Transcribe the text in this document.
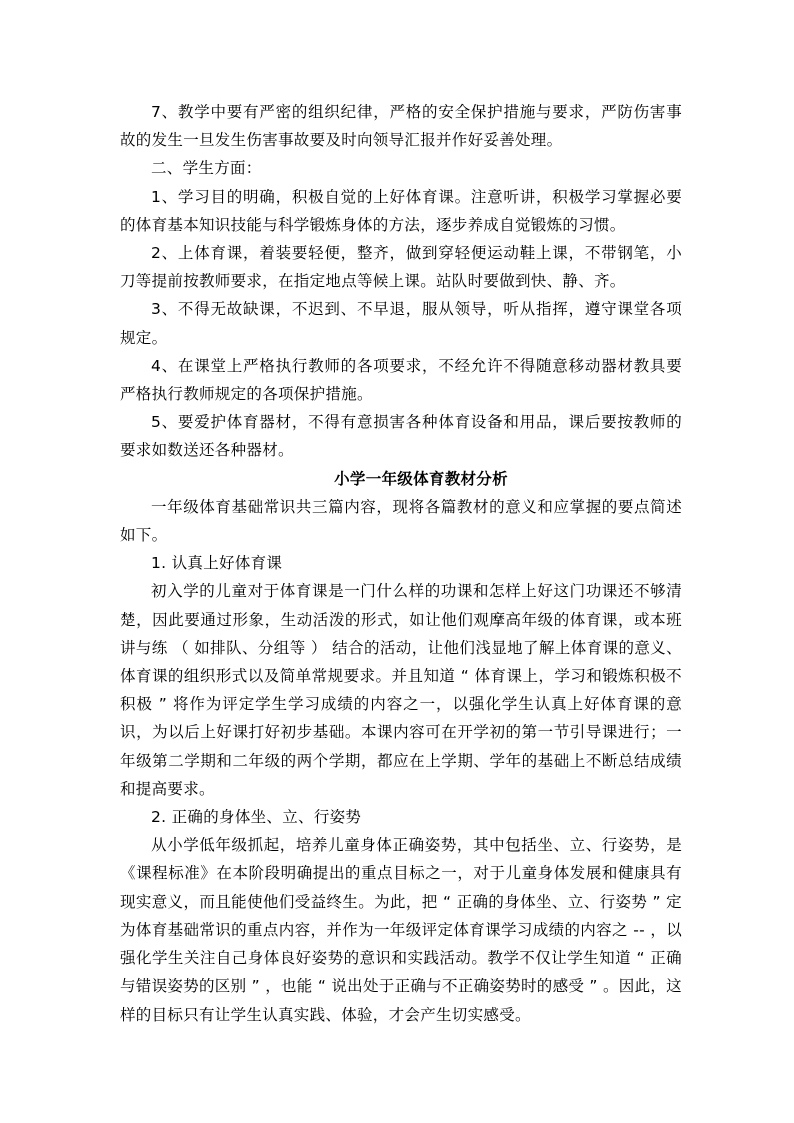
7、教学中要有严密的组织纪律，严格的安全保护措施与要求，严防伤害事故的发生一旦发生伤害事故要及时向领导汇报并作好妥善处理。

二、学生方面：

1、学习目的明确，积极自觉的上好体育课。注意听讲，积极学习掌握必要的体育基本知识技能与科学锻炼身体的方法，逐步养成自觉锻炼的习惯。

2、上体育课，着装要轻便，整齐，做到穿轻便运动鞋上课，不带钢笔，小刀等提前按教师要求，在指定地点等候上课。站队时要做到快、静、齐。

3、不得无故缺课，不迟到、不早退，服从领导，听从指挥，遵守课堂各项规定。

4、在课堂上严格执行教师的各项要求，不经允许不得随意移动器材教具要严格执行教师规定的各项保护措施。

5、要爱护体育器材，不得有意损害各种体育设备和用品，课后要按教师的要求如数送还各种器材。

小学一年级体育教材分析

一年级体育基础常识共三篇内容，现将各篇教材的意义和应掌握的要点简述如下。

1. 认真上好体育课

初入学的儿童对于体育课是一门什么样的功课和怎样上好这门功课还不够清楚，因此要通过形象，生动活泼的形式，如让他们观摩高年级的体育课，或本班讲与练 （ 如排队、分组等 ） 结合的活动，让他们浅显地了解上体育课的意义、体育课的组织形式以及简单常规要求。并且知道 “ 体育课上，学习和锻炼积极不积极 ” 将作为评定学生学习成绩的内容之一，以强化学生认真上好体育课的意识，为以后上好课打好初步基础。本课内容可在开学初的第一节引导课进行；一年级第二学期和二年级的两个学期，都应在上学期、学年的基础上不断总结成绩和提高要求。

2. 正确的身体坐、立、行姿势

从小学低年级抓起，培养儿童身体正确姿势，其中包括坐、立、行姿势，是《课程标准》在本阶段明确提出的重点目标之一，对于儿童身体发展和健康具有现实意义，而且能使他们受益终生。为此，把 “ 正确的身体坐、立、行姿势 ” 定为体育基础常识的重点内容，并作为一年级评定体育课学习成绩的内容之 -- ，以强化学生关注自己身体良好姿势的意识和实践活动。教学不仅让学生知道 “ 正确与错误姿势的区别 ” ，也能 “ 说出处于正确与不正确姿势时的感受 ” 。因此，这样的目标只有让学生认真实践、体验，才会产生切实感受。
